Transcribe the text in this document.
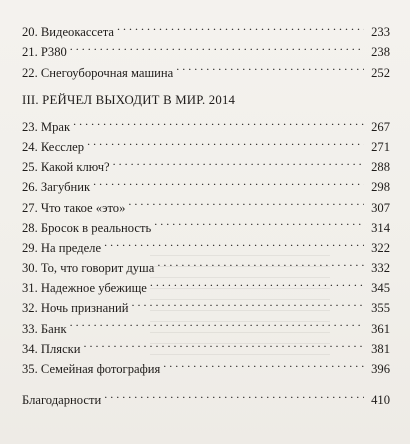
20. Видеокассета . . .	233
21. Р380 . . .	238
22. Снегоуборочная машина . . .	252
III. РЕЙЧЕЛ ВЫХОДИТ В МИР. 2014
23. Мрак . . .	267
24. Кесслер . . .	271
25. Какой ключ? . . .	288
26. Загубник . . .	298
27. Что такое «это» . . .	307
28. Бросок в реальность . . .	314
29. На пределе . . .	322
30. То, что говорит душа . . .	332
31. Надежное убежище . . .	345
32. Ночь признаний . . .	355
33. Банк . . .	361
34. Пляски . . .	381
35. Семейная фотография . . .	396
Благодарности . . .	410
